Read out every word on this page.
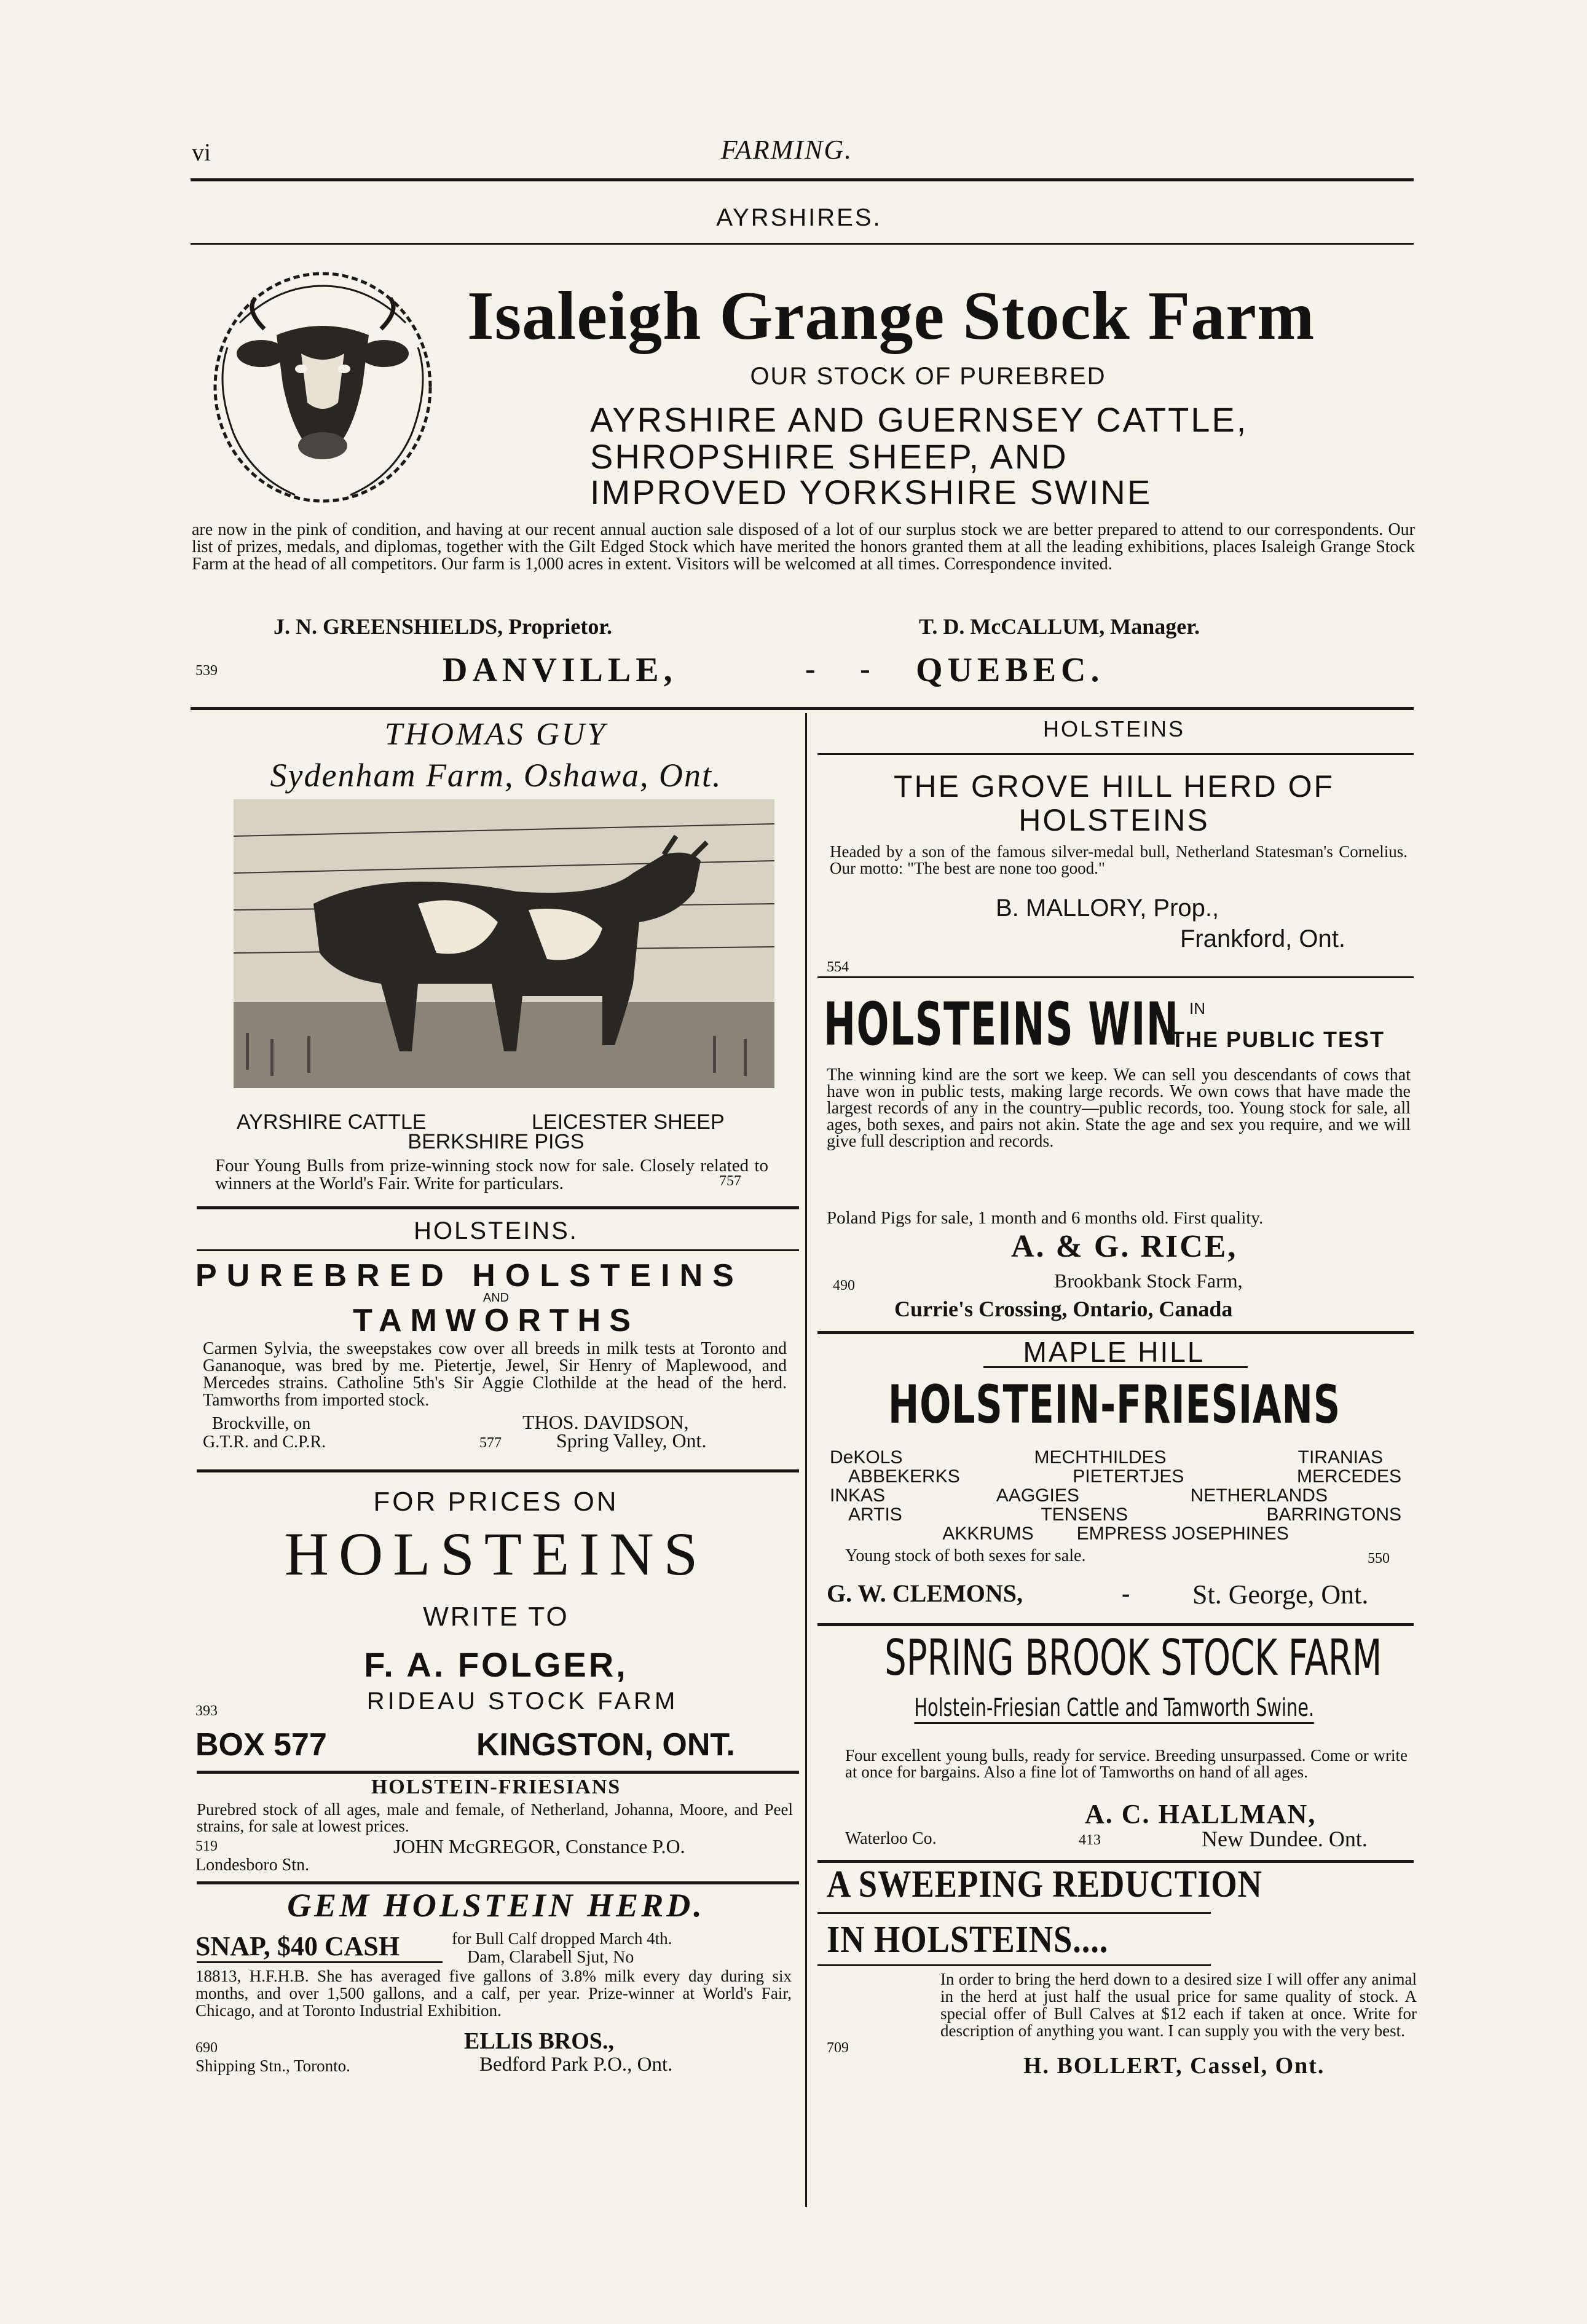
vi	FARMING.
AYRSHIRES.
Isaleigh Grange Stock Farm
OUR STOCK OF PUREBRED
AYRSHIRE AND GUERNSEY CATTLE,
SHROPSHIRE SHEEP, AND
IMPROVED YORKSHIRE SWINE
are now in the pink of condition, and having at our recent annual auction sale disposed of a lot of our surplus stock we are better prepared to attend to our correspondents. Our list of prizes, medals, and diplomas, together with the Gilt Edged Stock which have merited the honors granted them at all the leading exhibitions, places Isaleigh Grange Stock Farm at the head of all competitors. Our farm is 1,000 acres in extent. Visitors will be welcomed at all times. Correspondence invited.
J. N. GREENSHIELDS, Proprietor.	T. D. McCALLUM, Manager.
539	DANVILLE,	- - QUEBEC.
THOMAS GUY
Sydenham Farm, Oshawa, Ont.
AYRSHIRE CATTLE	LEICESTER SHEEP
BERKSHIRE PIGS
Four Young Bulls from prize-winning stock now for sale. Closely related to winners at the World's Fair. Write for particulars.	757
HOLSTEINS.
PUREBRED HOLSTEINS
AND
TAMWORTHS
Carmen Sylvia, the sweepstakes cow over all breeds in milk tests at Toronto and Gananoque, was bred by me. Pietertje, Jewel, Sir Henry of Maplewood, and Mercedes strains. Catholine 5th's Sir Aggie Clothilde at the head of the herd. Tamworths from imported stock.
Brockville, on
G.T.R. and C.P.R.	577
THOS. DAVIDSON,
Spring Valley, Ont.
FOR PRICES ON
HOLSTEINS
WRITE TO
F. A. FOLGER,
393	RIDEAU STOCK FARM
BOX 577	KINGSTON, ONT.
HOLSTEIN-FRIESIANS
Purebred stock of all ages, male and female, of Netherland, Johanna, Moore, and Peel strains, for sale at lowest prices.
519	JOHN McGREGOR, Constance P.O.
Londesboro Stn.
GEM HOLSTEIN HERD.
SNAP, $40 CASH	for Bull Calf dropped March 4th.
Dam, Clarabell Sjut, No
18813, H.F.H.B. She has averaged five gallons of 3.8% milk every day during six months, and over 1,500 gallons, and a calf, per year. Prize-winner at World's Fair, Chicago, and at Toronto Industrial Exhibition.
690	ELLIS BROS.,
Shipping Stn., Toronto.	Bedford Park P.O., Ont.
HOLSTEINS
THE GROVE HILL HERD OF
HOLSTEINS
Headed by a son of the famous silver-medal bull, Netherland Statesman's Cornelius. Our motto: "The best are none too good."
B. MALLORY, Prop.,
Frankford, Ont.
554
HOLSTEINS WIN IN
THE PUBLIC TEST
The winning kind are the sort we keep. We can sell you descendants of cows that have won in public tests, making large records. We own cows that have made the largest records of any in the country—public records, too. Young stock for sale, all ages, both sexes, and pairs not akin. State the age and sex you require, and we will give full description and records.
Poland Pigs for sale, 1 month and 6 months old. First quality.
A. & G. RICE,
490	Brookbank Stock Farm,
Currie's Crossing, Ontario, Canada
MAPLE HILL
HOLSTEIN-FRIESIANS
DeKOLS	MECHTHILDES	TIRANIAS
ABBEKERKS	PIETERTJES	MERCEDES
INKAS	AAGGIES	NETHERLANDS
ARTIS	TENSENS	BARRINGTONS
AKKRUMS EMPRESS JOSEPHINES
Young stock of both sexes for sale.	550
G. W. CLEMONS,	- St. George, Ont.
SPRING BROOK STOCK FARM
Holstein-Friesian Cattle and Tamworth Swine.
Four excellent young bulls, ready for service. Breeding unsurpassed. Come or write at once for bargains. Also a fine lot of Tamworths on hand of all ages.
A. C. HALLMAN,
Waterloo Co.	413	New Dundee. Ont.
A SWEEPING REDUCTION
IN HOLSTEINS....
In order to bring the herd down to a desired size I will offer any animal in the herd at just half the usual price for same quality of stock. A special offer of Bull Calves at $12 each if taken at once. Write for description of anything you want. I can supply you with the very best.
709
H. BOLLERT, Cassel, Ont.
